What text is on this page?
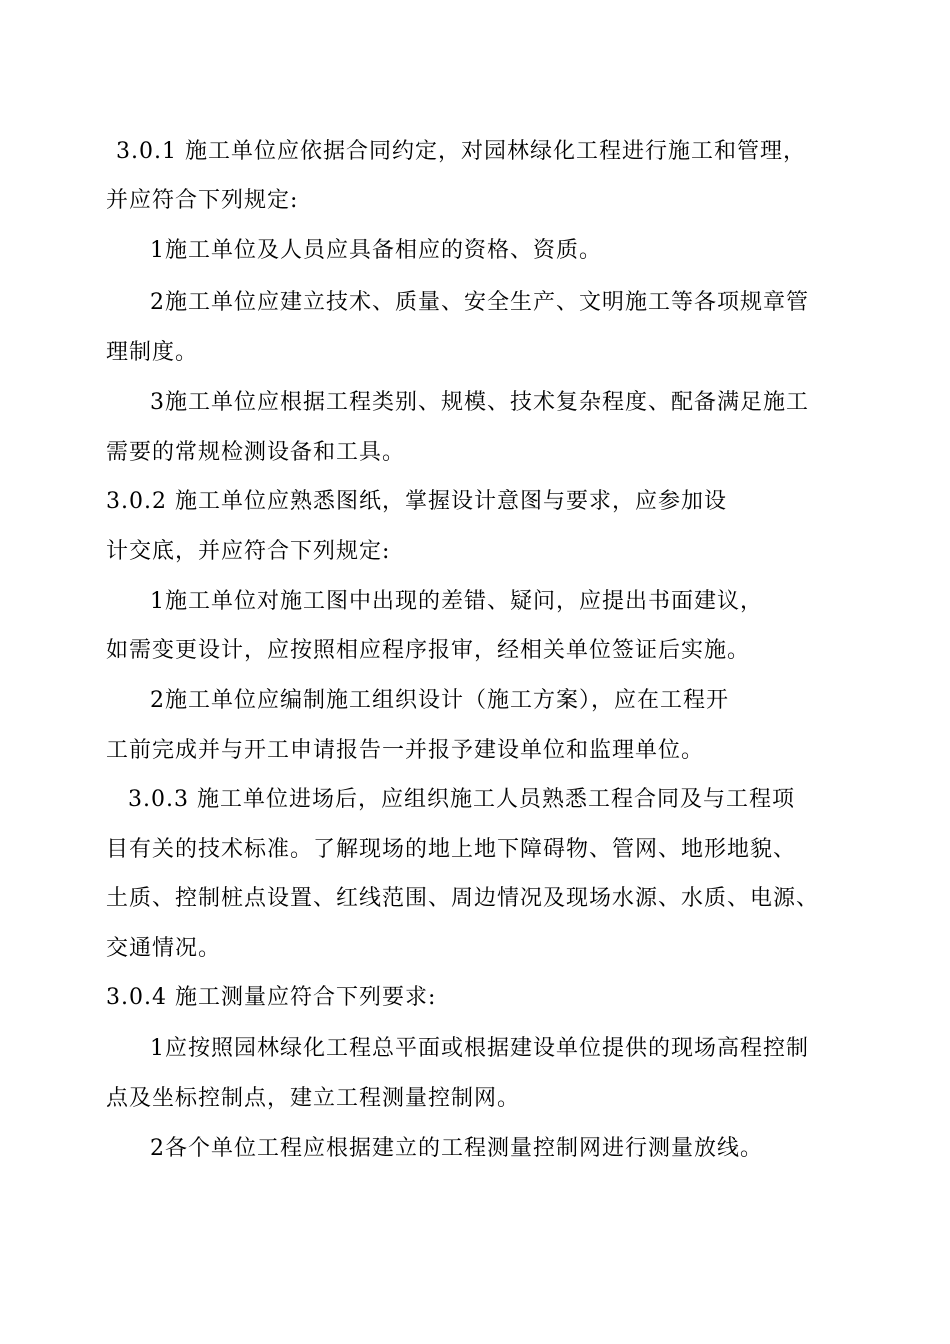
3.0.1 施工单位应依据合同约定，对园林绿化工程进行施工和管理，
并应符合下列规定:
1施工单位及人员应具备相应的资格、资质。
2施工单位应建立技术、质量、安全生产、文明施工等各项规章管
理制度。
3施工单位应根据工程类别、规模、技术复杂程度、配备满足施工
需要的常规检测设备和工具。
3.0.2 施工单位应熟悉图纸，掌握设计意图与要求，应参加设
计交底，并应符合下列规定:
1施工单位对施工图中出现的差错、疑问，应提出书面建议，
如需变更设计，应按照相应程序报审，经相关单位签证后实施。
2施工单位应编制施工组织设计（施工方案），应在工程开
工前完成并与开工申请报告一并报予建设单位和监理单位。
3.0.3 施工单位进场后，应组织施工人员熟悉工程合同及与工程项
目有关的技术标准。了解现场的地上地下障碍物、管网、地形地貌、
土质、控制桩点设置、红线范围、周边情况及现场水源、水质、电源、
交通情况。
3.0.4 施工测量应符合下列要求:
1应按照园林绿化工程总平面或根据建设单位提供的现场高程控制
点及坐标控制点，建立工程测量控制网。
2各个单位工程应根据建立的工程测量控制网进行测量放线。
